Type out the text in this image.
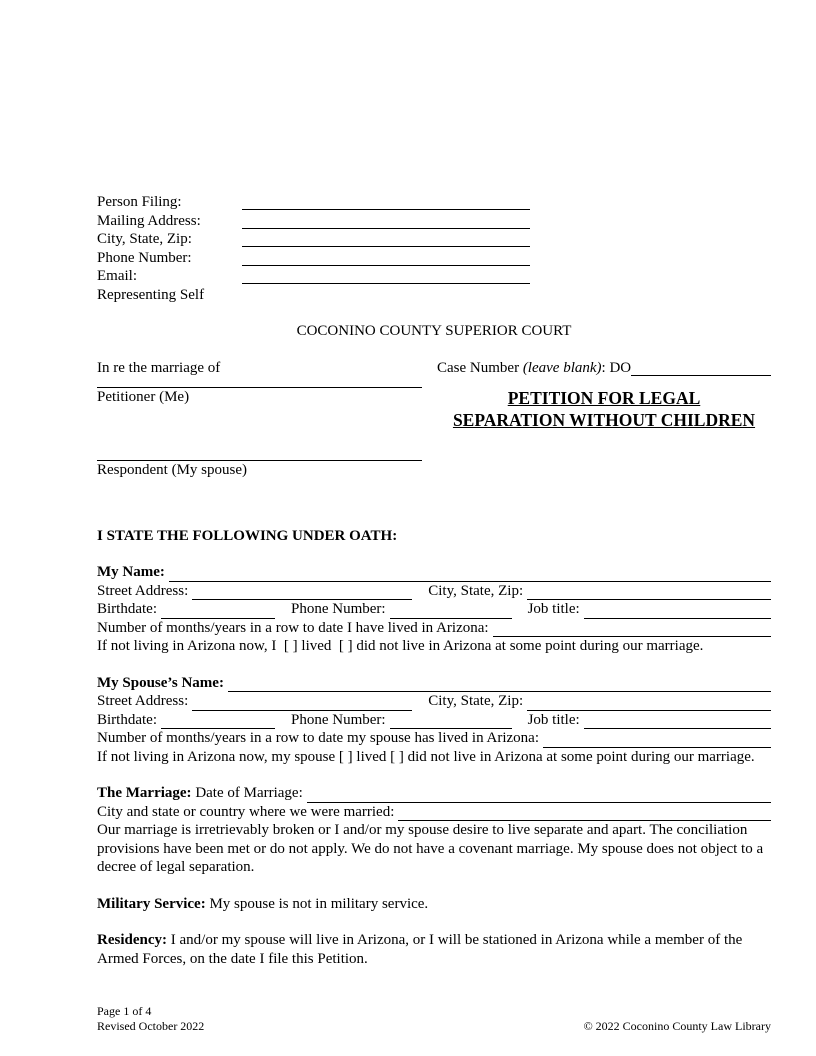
Person Filing:
Mailing Address:
City, State, Zip:
Phone Number:
Email:
Representing Self
COCONINO COUNTY SUPERIOR COURT
In re the marriage of
Petitioner (Me)
Respondent (My spouse)
Case Number (leave blank) : DO
PETITION FOR LEGAL
SEPARATION WITHOUT CHILDREN
I STATE THE FOLLOWING UNDER OATH:
My Name:
Street Address:	City, State, Zip:
Birthdate:	Phone Number:	Job title:
Number of months/years in a row to date I have lived in Arizona:
If not living in Arizona now, I  [ ] lived  [ ] did not live in Arizona at some point during our marriage.
My Spouse’s Name:
Street Address:	City, State, Zip:
Birthdate:	Phone Number:	Job title:
Number of months/years in a row to date my spouse has lived in Arizona:
If not living in Arizona now, my spouse [ ] lived [ ] did not live in Arizona at some point during our marriage.
The Marriage: Date of Marriage:
City and state or country where we were married:
Our marriage is irretrievably broken or I and/or my spouse desire to live separate and apart. The conciliation provisions have been met or do not apply. We do not have a covenant marriage. My spouse does not object to a decree of legal separation.
Military Service: My spouse is not in military service.
Residency: I and/or my spouse will live in Arizona, or I will be stationed in Arizona while a member of the Armed Forces, on the date I file this Petition.
Page 1 of 4
Revised October 2022	© 2022 Coconino County Law Library
